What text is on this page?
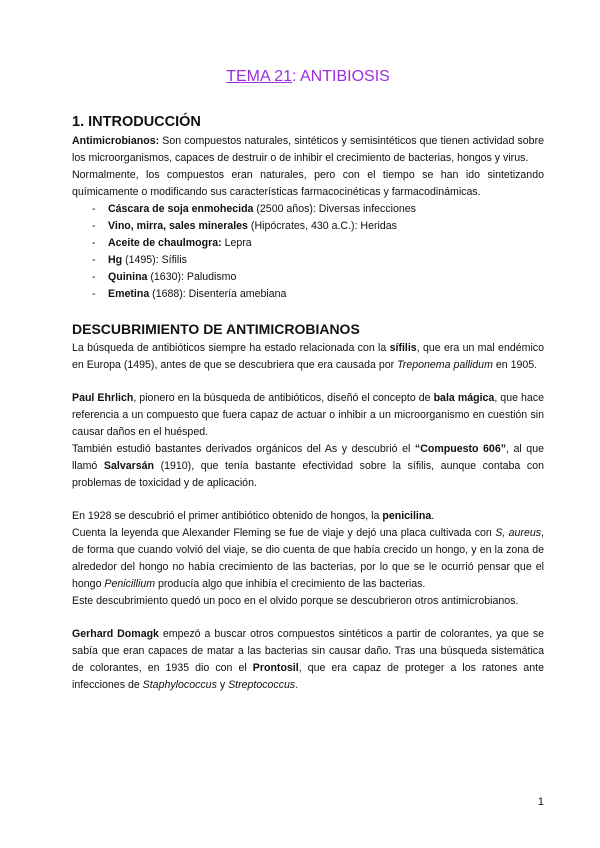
TEMA 21: ANTIBIOSIS
1. INTRODUCCIÓN

Antimicrobianos: Son compuestos naturales, sintéticos y semisintéticos que tienen actividad sobre los microorganismos, capaces de destruir o de inhibir el crecimiento de bacterias, hongos y virus.

Normalmente, los compuestos eran naturales, pero con el tiempo se han ido sintetizando químicamente o modificando sus características farmacocinéticas y farmacodinámicas.

- Cáscara de soja enmohecida (2500 años): Diversas infecciones
- Vino, mirra, sales minerales (Hipócrates, 430 a.C.): Heridas
- Aceite de chaulmogra: Lepra
- Hg (1495): Sífilis
- Quinina (1630): Paludismo
- Emetina (1688): Disentería amebiana
DESCUBRIMIENTO DE ANTIMICROBIANOS

La búsqueda de antibióticos siempre ha estado relacionada con la sífilis, que era un mal endémico en Europa (1495), antes de que se descubriera que era causada por Treponema pallidum en 1905.

Paul Ehrlich, pionero en la búsqueda de antibióticos, diseñó el concepto de bala mágica, que hace referencia a un compuesto que fuera capaz de actuar o inhibir a un microorganismo en cuestión sin causar daños en el huésped.

También estudió bastantes derivados orgánicos del As y descubrió el “Compuesto 606”, al que llamó Salvarsán (1910), que tenía bastante efectividad sobre la sífilis, aunque contaba con problemas de toxicidad y de aplicación.

En 1928 se descubrió el primer antibiótico obtenido de hongos, la penicilina.

Cuenta la leyenda que Alexander Fleming se fue de viaje y dejó una placa cultivada con S, aureus, de forma que cuando volvió del viaje, se dio cuenta de que había crecido un hongo, y en la zona de alrededor del hongo no había crecimiento de las bacterias, por lo que se le ocurrió pensar que el hongo Penicillium producía algo que inhibía el crecimiento de las bacterias.

Este descubrimiento quedó un poco en el olvido porque se descubrieron otros antimicrobianos.

Gerhard Domagk empezó a buscar otros compuestos sintéticos a partir de colorantes, ya que se sabía que eran capaces de matar a las bacterias sin causar daño. Tras una búsqueda sistemática de colorantes, en 1935 dio con el Prontosil, que era capaz de proteger a los ratones ante infecciones de Staphylococcus y Streptococcus.

1
